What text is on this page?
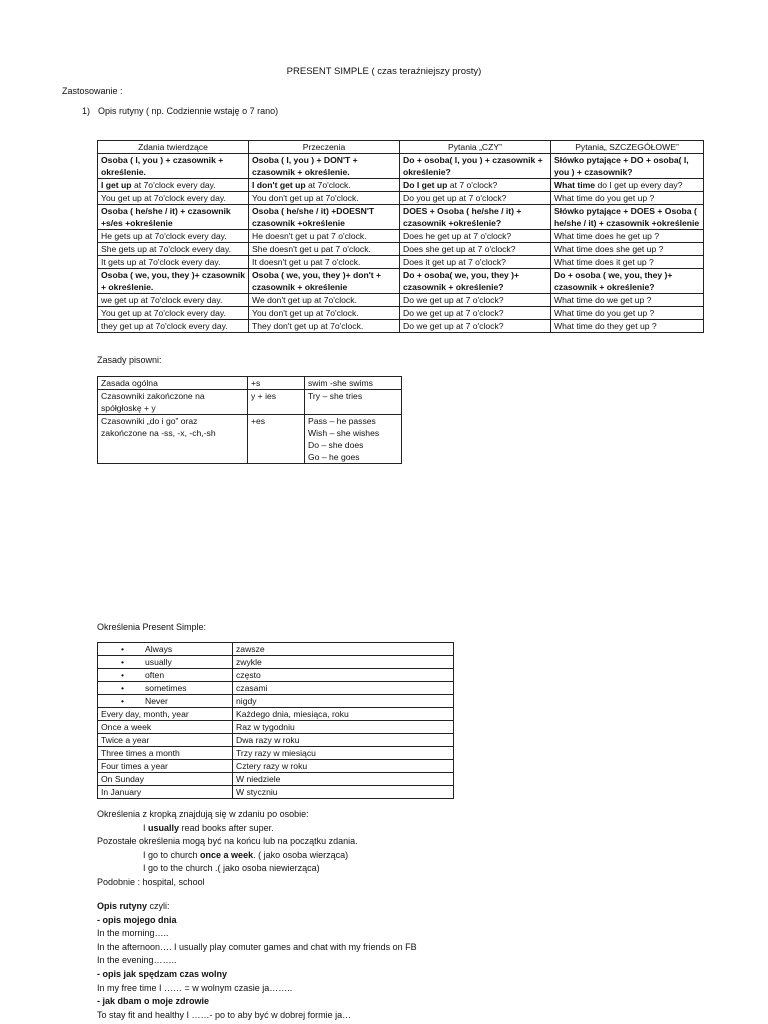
PRESENT SIMPLE ( czas teraźniejszy prosty)
Zastosowanie :
1) Opis rutyny ( np. Codziennie wstaję o 7 rano)
Zdania twierdzące	Przeczenia	Pytania „CZY”	Pytania„ SZCZEGÓŁOWE”
Osoba ( I, you ) + czasownik + określenie.	Osoba ( I, you ) + DON'T + czasownik + określenie.	Do + osoba( I, you ) + czasownik + określenie?	Słówko pytające + DO + osoba( I, you ) + czasownik?
I get up at 7o'clock every day.	I don't get up at 7o'clock.	Do I get up at 7 o'clock?	What time do I get up every day?
You get up at 7o'clock every day.	You don't get up at 7o'clock.	Do you get up at 7 o'clock?	What time do you get up ?
Osoba ( he/she / it) + czasownik +s/es +określenie	Osoba ( he/she / it) +DOESN'T czasownik +określenie	DOES + Osoba ( he/she / it) + czasownik +określenie?	Słówko pytające + DOES + Osoba ( he/she / it) + czasownik +określenie
He gets up at 7o'clock every day.	He doesn't get u pat 7 o'clock.	Does he get up at 7 o'clock?	What time does he get up ?
She gets up at 7o'clock every day.	She doesn't get u pat 7 o'clock.	Does she get up at 7 o'clock?	What time does she get up ?
It gets up at 7o'clock every day.	It doesn't get u pat 7 o'clock.	Does it get up at 7 o'clock?	What time does it get up ?
Osoba ( we, you, they )+ czasownik + określenie.	Osoba ( we, you, they )+ don't + czasownik + określenie	Do + osoba( we, you, they )+ czasownik + określenie?	Do + osoba ( we, you, they )+ czasownik + określenie?
we get up at 7o'clock every day.	We don't get up at 7o'clock.	Do we get up at 7 o'clock?	What time do we get up ?
You get up at 7o'clock every day.	You don't get up at 7o'clock.	Do we get up at 7 o'clock?	What time do you get up ?
they get up at 7o'clock every day.	They don't get up at 7o'clock.	Do we get up at 7 o'clock?	What time do they get up ?
Zasady pisowni:
Zasada ogólna	+s	swim -she swims
Czasowniki zakończone na spółgłoskę + y	y + ies	Try – she tries
Czasowniki „do i go” oraz zakończone na -ss, -x, -ch,-sh	+es	Pass – he passes
Wish – she wishes
Do – she does
Go – he goes
Określenia Present Simple:
• Always	zawsze
• usually	zwykle
• often	często
• sometimes	czasami
• Never	nigdy
Every day, month, year	Każdego dnia, miesiąca, roku
Once a week	Raz w tygodniu
Twice a year	Dwa razy w roku
Three times a month	Trzy razy w miesiącu
Four times a year	Cztery razy w roku
On Sunday	W niedziele
In January	W styczniu
Określenia z kropką znajdują się w zdaniu po osobie:
I usually read books after super.
Pozostałe określenia mogą być na końcu lub na początku zdania.
I go to church once a week. ( jako osoba wierząca)
I go to the church .( jako osoba niewierząca)
Podobnie : hospital, school
Opis rutyny czyli:
- opis mojego dnia
In the morning…..
In the afternoon…. I usually play comuter games and chat with my friends on FB
In the evening……..
- opis jak spędzam czas wolny
In my free time I …… = w wolnym czasie ja……..
- jak dbam o moje zdrowie
To stay fit and healthy I ……- po to aby być w dobrej formie ja…
